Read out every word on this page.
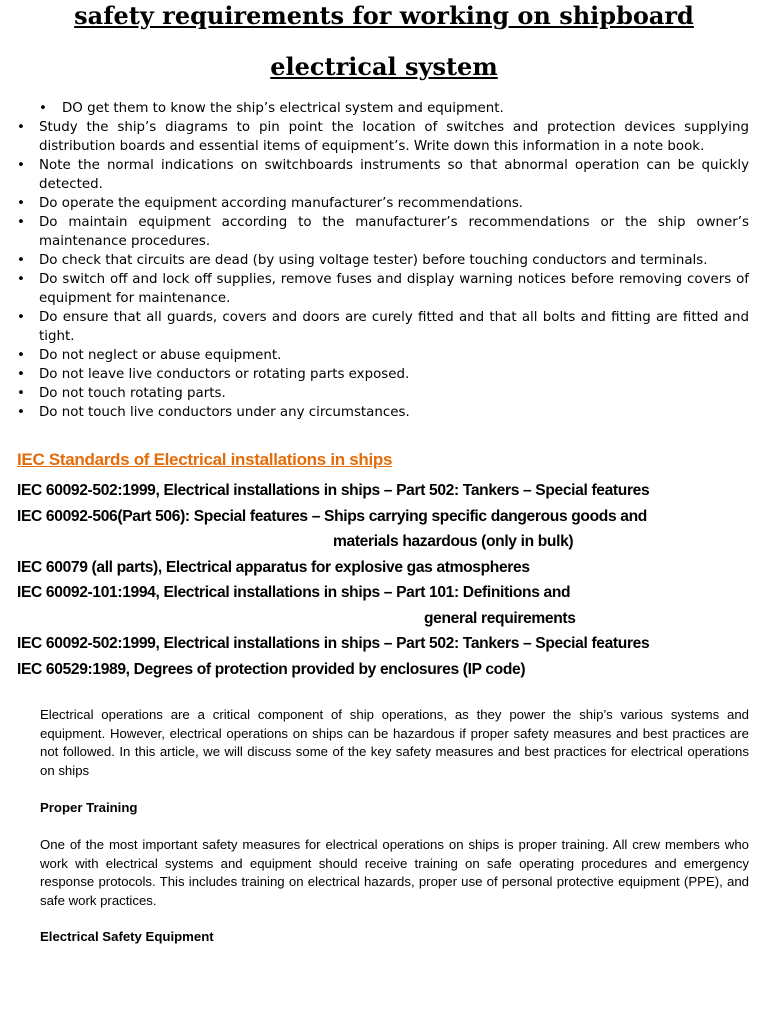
safety requirements for working on shipboard
electrical system
• DO get them to know the ship’s electrical system and equipment.
• Study the ship’s diagrams to pin point the location of switches and protection devices supplying distribution boards and essential items of equipment’s. Write down this information in a note book.
• Note the normal indications on switchboards instruments so that abnormal operation can be quickly detected.
• Do operate the equipment according manufacturer’s recommendations.
• Do maintain equipment according to the manufacturer’s recommendations or the ship owner’s maintenance procedures.
• Do check that circuits are dead (by using voltage tester) before touching conductors and terminals.
• Do switch off and lock off supplies, remove fuses and display warning notices before removing covers of equipment for maintenance.
• Do ensure that all guards, covers and doors are curely fitted and that all bolts and fitting are fitted and tight.
• Do not neglect or abuse equipment.
• Do not leave live conductors or rotating parts exposed.
• Do not touch rotating parts.
• Do not touch live conductors under any circumstances.
IEC Standards of Electrical installations in ships
IEC 60092-502:1999, Electrical installations in ships – Part 502: Tankers – Special features
IEC 60092-506(Part 506): Special features – Ships carrying specific dangerous goods and
materials hazardous (only in bulk)
IEC 60079 (all parts), Electrical apparatus for explosive gas atmospheres
IEC 60092-101:1994, Electrical installations in ships – Part 101: Definitions and
general requirements
IEC 60092-502:1999, Electrical installations in ships – Part 502: Tankers – Special features
IEC 60529:1989, Degrees of protection provided by enclosures (IP code)

Electrical operations are a critical component of ship operations, as they power the ship’s various systems and equipment. However, electrical operations on ships can be hazardous if proper safety measures and best practices are not followed. In this article, we will discuss some of the key safety measures and best practices for electrical operations on ships

Proper Training

One of the most important safety measures for electrical operations on ships is proper training. All crew members who work with electrical systems and equipment should receive training on safe operating procedures and emergency response protocols. This includes training on electrical hazards, proper use of personal protective equipment (PPE), and safe work practices.

Electrical Safety Equipment
